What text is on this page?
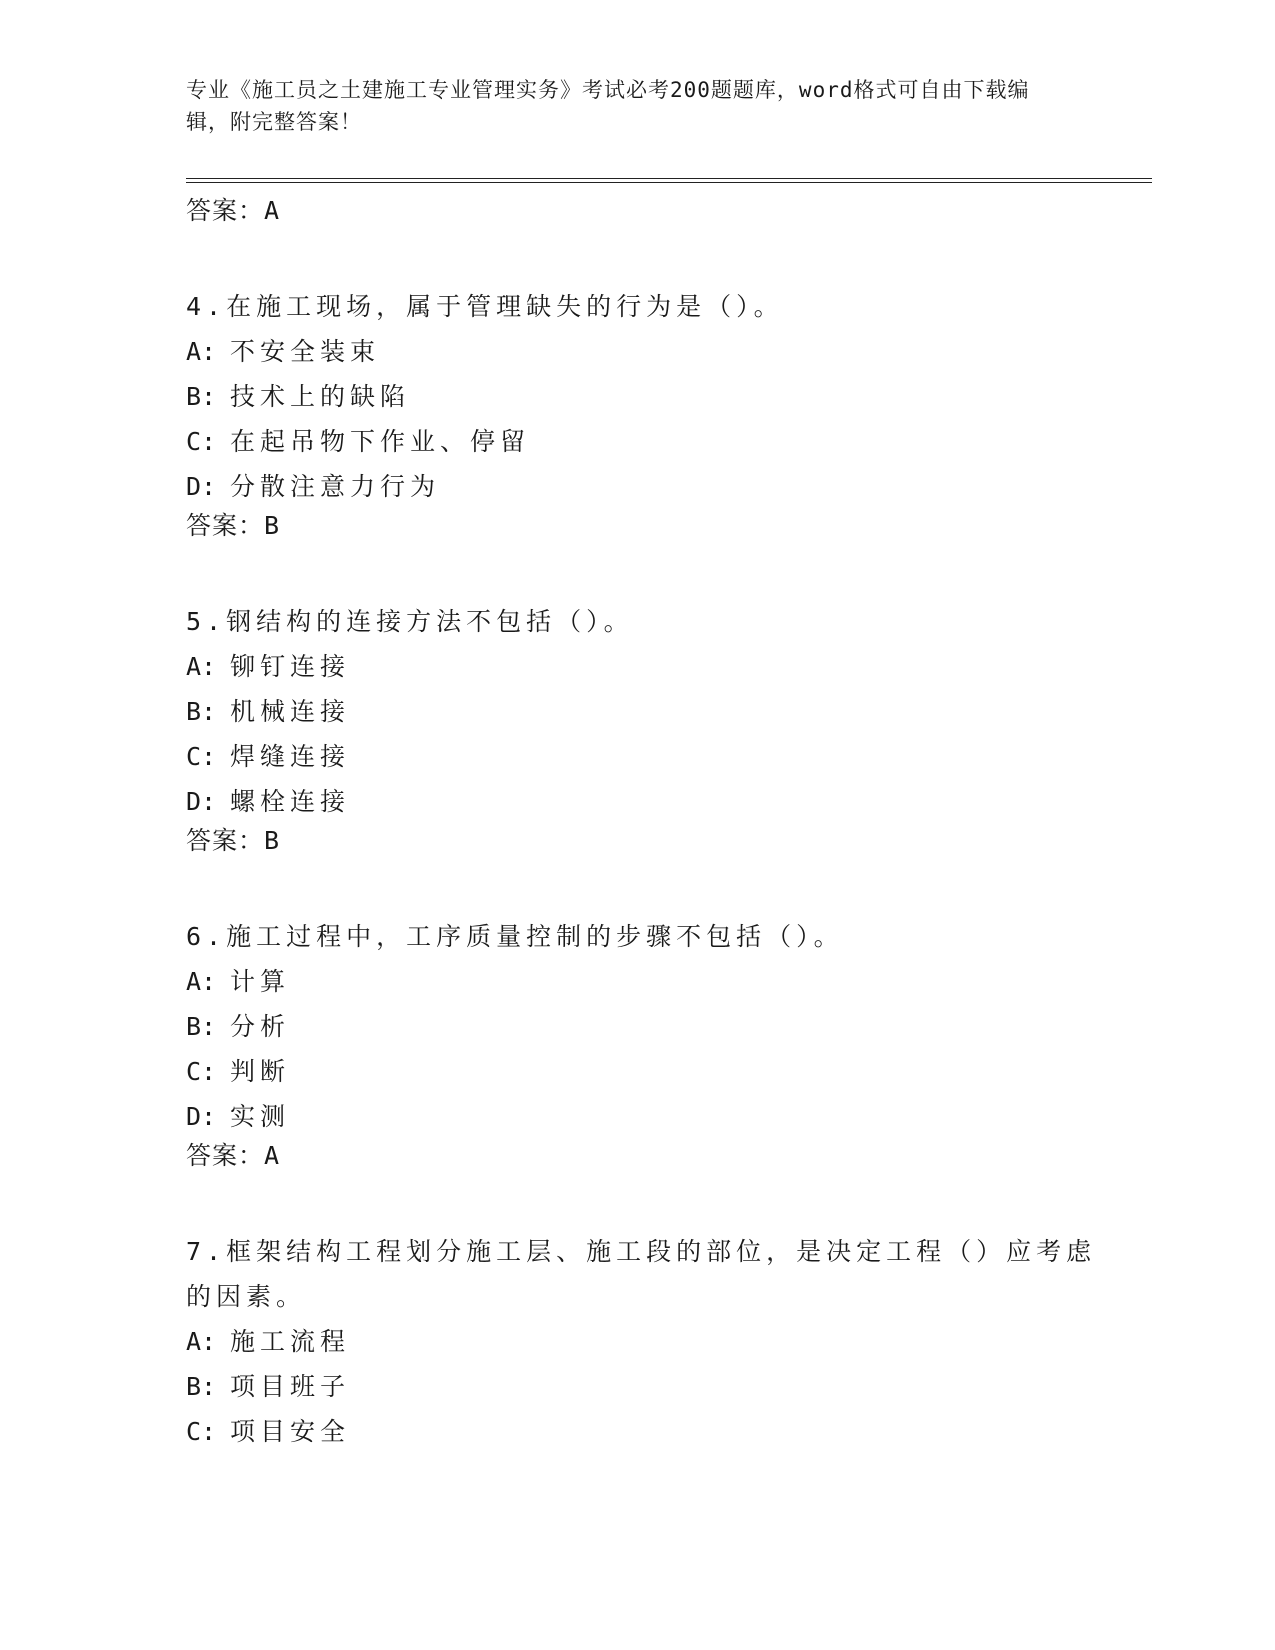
专业《施工员之土建施工专业管理实务》考试必考200题题库，word格式可自由下载编辑，附完整答案！

答案：A

4.在施工现场，属于管理缺失的行为是（）。

A: 不安全装束

B: 技术上的缺陷

C: 在起吊物下作业、停留

D: 分散注意力行为

答案：B

5.钢结构的连接方法不包括（）。

A: 铆钉连接

B: 机械连接

C: 焊缝连接

D: 螺栓连接

答案：B

6.施工过程中，工序质量控制的步骤不包括（）。

A: 计算

B: 分析

C: 判断

D: 实测

答案：A

7.框架结构工程划分施工层、施工段的部位，是决定工程（）应考虑的因素。

A: 施工流程

B: 项目班子

C: 项目安全
